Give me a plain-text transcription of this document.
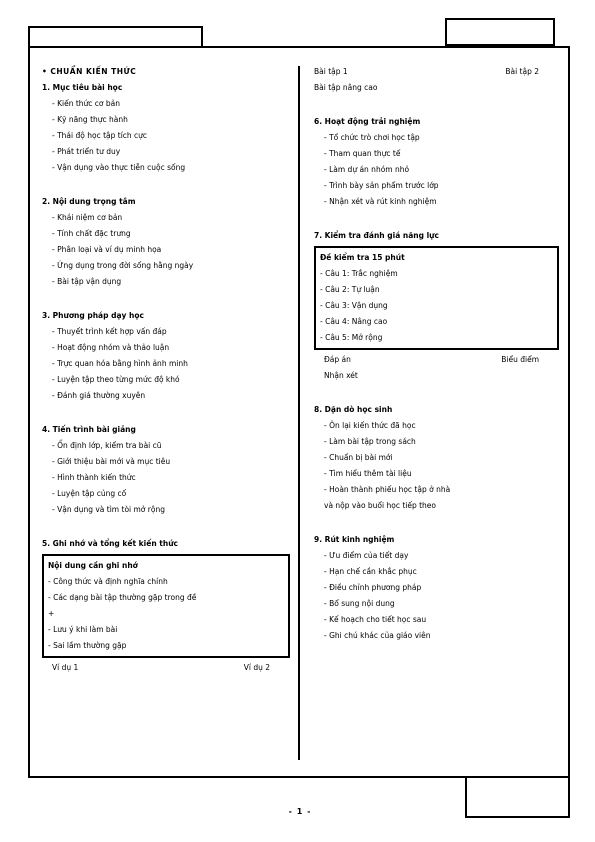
- 1 -
• CHUẨN KIẾN THỨC
1. Mục tiêu bài học
- Kiến thức cơ bản
- Kỹ năng thực hành
- Thái độ học tập tích cực
- Phát triển tư duy
- Vận dụng vào thực tiễn cuộc sống
2. Nội dung trọng tâm
- Khái niệm cơ bản
- Tính chất đặc trưng
- Phân loại và ví dụ minh họa
- Ứng dụng trong đời sống hằng ngày
- Bài tập vận dụng
3. Phương pháp dạy học
- Thuyết trình kết hợp vấn đáp
- Hoạt động nhóm và thảo luận
- Trực quan hóa bằng hình ảnh minh
- Luyện tập theo từng mức độ khó
- Đánh giá thường xuyên
4. Tiến trình bài giảng
- Ổn định lớp, kiểm tra bài cũ
- Giới thiệu bài mới và mục tiêu
- Hình thành kiến thức
- Luyện tập củng cố
- Vận dụng và tìm tòi mở rộng
5. Ghi nhớ và tổng kết kiến thức
Nội dung cần ghi nhớ
- Công thức và định nghĩa chính
- Các dạng bài tập thường gặp trong đề
+
- Lưu ý khi làm bài
- Sai lầm thường gặp
Ví dụ 1	Ví dụ 2
Bài tập 1	Bài tập 2
Bài tập nâng cao
6. Hoạt động trải nghiệm
- Tổ chức trò chơi học tập
- Tham quan thực tế
- Làm dự án nhóm nhỏ
- Trình bày sản phẩm trước lớp
- Nhận xét và rút kinh nghiệm
7. Kiểm tra đánh giá năng lực
Đề kiểm tra 15 phút
- Câu 1: Trắc nghiệm
- Câu 2: Tự luận
- Câu 3: Vận dụng
- Câu 4: Nâng cao
- Câu 5: Mở rộng
Đáp án	Biểu điểm
Nhận xét
8. Dặn dò học sinh
- Ôn lại kiến thức đã học
- Làm bài tập trong sách
- Chuẩn bị bài mới
- Tìm hiểu thêm tài liệu
- Hoàn thành phiếu học tập ở nhà
và nộp vào buổi học tiếp theo
9. Rút kinh nghiệm
- Ưu điểm của tiết dạy
- Hạn chế cần khắc phục
- Điều chỉnh phương pháp
- Bổ sung nội dung
- Kế hoạch cho tiết học sau
- Ghi chú khác của giáo viên
